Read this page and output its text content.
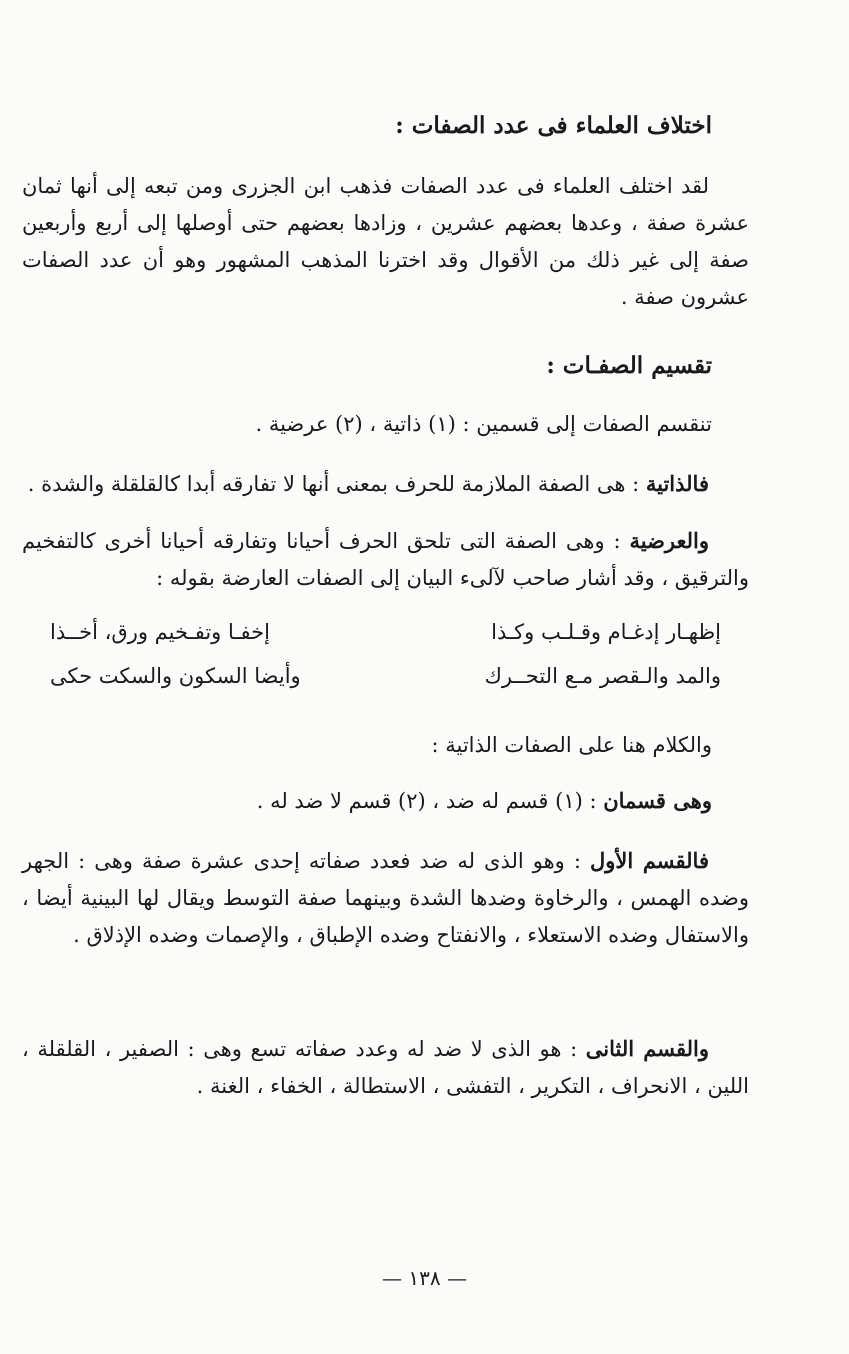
اختلاف العلماء فى عدد الصفات :
لقد اختلف العلماء فى عدد الصفات فذهب ابن الجزرى ومن تبعه إلى أنها ثمان عشرة صفة ، وعدها بعضهم عشرين ، وزادها بعضهم حتى أوصلها إلى أربع وأربعين صفة إلى غير ذلك من الأقوال وقد اخترنا المذهب المشهور وهو أن عدد الصفات عشرون صفة .
تقسيم الصفـات :
تنقسم الصفات إلى قسمين : (١) ذاتية ، (٢) عرضية .
فالذاتية : هى الصفة الملازمة للحرف بمعنى أنها لا تفارقه أبدا كالقلقلة والشدة .
والعرضية : وهى الصفة التى تلحق الحرف أحيانا وتفارقه أحيانا أخرى كالتفخيم والترقيق ، وقد أشار صاحب لآلىء البيان إلى الصفات العارضة بقوله :
إظهـار إدغـام وقـلـب وكـذا
إخفـا وتفـخيم ورق، أخــذا
والمد والـقصر مـع التحــرك
وأيضا السكون والسكت حكى
والكلام هنا على الصفات الذاتية :
وهى قسمان : (١) قسم له ضد ، (٢) قسم لا ضد له .
فالقسم الأول : وهو الذى له ضد فعدد صفاته إحدى عشرة صفة وهى : الجهر وضده الهمس ، والرخاوة وضدها الشدة وبينهما صفة التوسط ويقال لها البينية أيضا ، والاستفال وضده الاستعلاء ، والانفتاح وضده الإطباق ، والإصمات وضده الإذلاق .
والقسم الثانى : هو الذى لا ضد له وعدد صفاته تسع وهى : الصفير ، القلقلة ، اللين ، الانحراف ، التكرير ، التفشى ، الاستطالة ، الخفاء ، الغنة .
— ١٣٨ —
